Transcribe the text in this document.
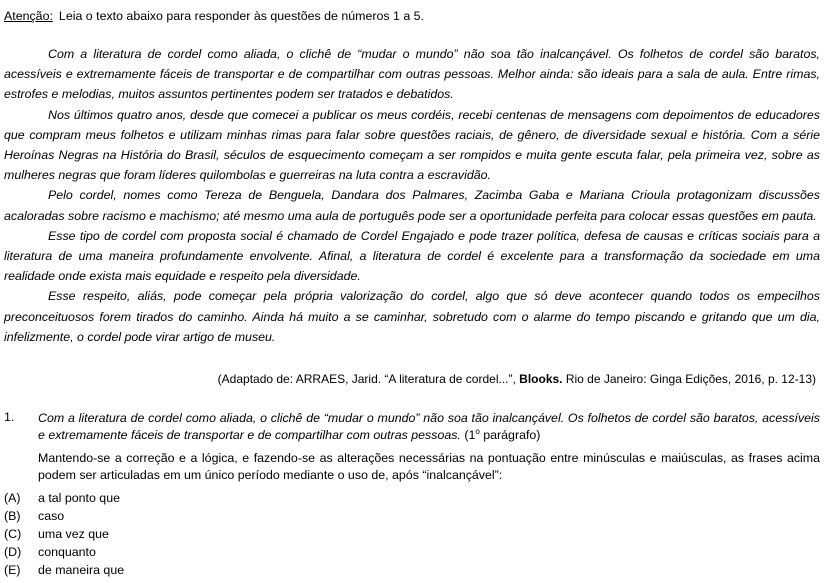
Atenção: Leia o texto abaixo para responder às questões de números 1 a 5.

Com a literatura de cordel como aliada, o clichê de “mudar o mundo” não soa tão inalcançável. Os folhetos de cordel são baratos, acessíveis e extremamente fáceis de transportar e de compartilhar com outras pessoas. Melhor ainda: são ideais para a sala de aula. Entre rimas, estrofes e melodias, muitos assuntos pertinentes podem ser tratados e debatidos.

Nos últimos quatro anos, desde que comecei a publicar os meus cordéis, recebi centenas de mensagens com depoimentos de educadores que compram meus folhetos e utilizam minhas rimas para falar sobre questões raciais, de gênero, de diversidade sexual e história. Com a série Heroínas Negras na História do Brasil, séculos de esquecimento começam a ser rompidos e muita gente escuta falar, pela primeira vez, sobre as mulheres negras que foram líderes quilombolas e guerreiras na luta contra a escravidão.

Pelo cordel, nomes como Tereza de Benguela, Dandara dos Palmares, Zacimba Gaba e Mariana Crioula protagonizam discussões acaloradas sobre racismo e machismo; até mesmo uma aula de português pode ser a oportunidade perfeita para colocar essas questões em pauta.

Esse tipo de cordel com proposta social é chamado de Cordel Engajado e pode trazer política, defesa de causas e críticas sociais para a literatura de uma maneira profundamente envolvente. Afinal, a literatura de cordel é excelente para a transformação da sociedade em uma realidade onde exista mais equidade e respeito pela diversidade.

Esse respeito, aliás, pode começar pela própria valorização do cordel, algo que só deve acontecer quando todos os empecilhos preconceituosos forem tirados do caminho. Ainda há muito a se caminhar, sobretudo com o alarme do tempo piscando e gritando que um dia, infelizmente, o cordel pode virar artigo de museu.

(Adaptado de: ARRAES, Jarid. “A literatura de cordel...”, Blooks. Rio de Janeiro: Ginga Edições, 2016, p. 12-13)
1. Com a literatura de cordel como aliada, o clichê de “mudar o mundo” não soa tão inalcançável. Os folhetos de cordel são baratos, acessíveis e extremamente fáceis de transportar e de compartilhar com outras pessoas. (1$^o$ parágrafo)
Mantendo-se a correção e a lógica, e fazendo-se as alterações necessárias na pontuação entre minúsculas e maiúsculas, as frases acima podem ser articuladas em um único período mediante o uso de, após “inalcançável”:
(A) a tal ponto que
(B) caso
(C) uma vez que
(D) conquanto
(E) de maneira que
